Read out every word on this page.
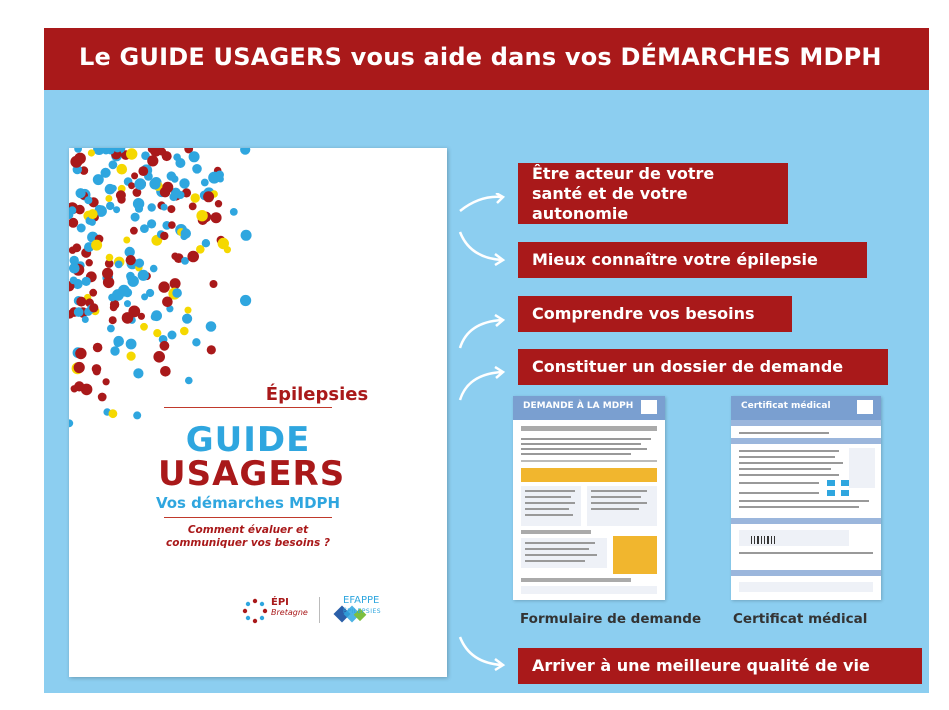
Le GUIDE USAGERS vous aide dans vos DÉMARCHES MDPH
Épilepsies
GUIDE
USAGERS
Vos démarches MDPH
Comment évaluer et communiquer vos besoins ?
ÉPI
Bretagne
EFAPPE
ÉPILEPSIES
Être acteur de votre santé et de votre autonomie
Mieux connaître votre épilepsie
Comprendre vos besoins
Constituer un dossier de demande
Arriver à une meilleure qualité de vie
DEMANDE À LA MDPH	Certificat médical
Formulaire de demande Certificat médical
